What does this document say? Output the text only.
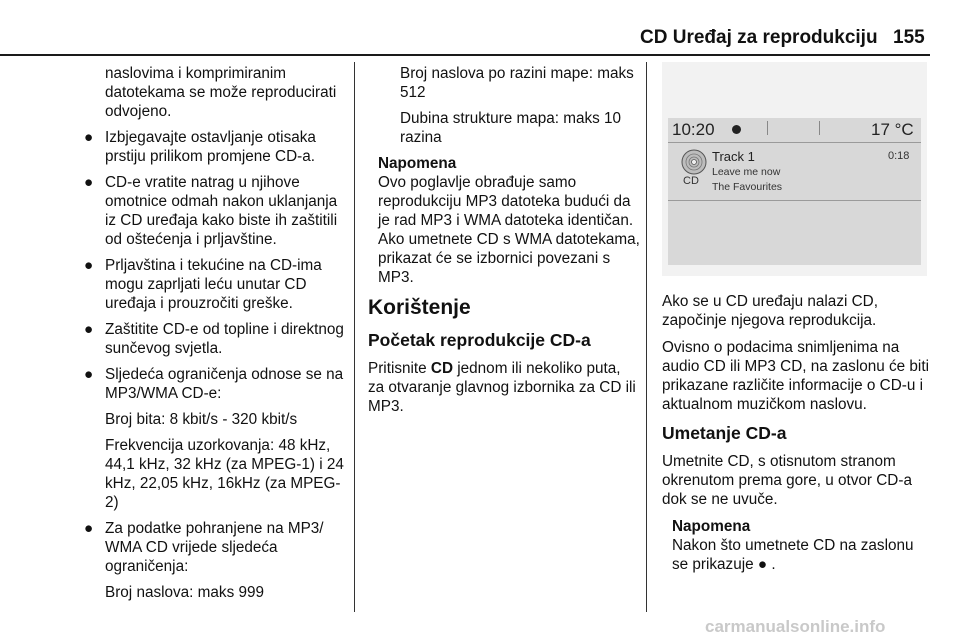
CD Uređaj za reprodukciju 155

naslovima i komprimiranim datotekama se može reproducirati odvojeno.

● Izbjegavajte ostavljanje otisaka prstiju prilikom promjene CD-a.
● CD-e vratite natrag u njihove omotnice odmah nakon uklanjanja iz CD uređaja kako biste ih zaštitili od oštećenja i prljavštine.
● Prljavština i tekućine na CD-ima mogu zaprljati leću unutar CD uređaja i prouzročiti greške.
● Zaštitite CD-e od topline i direktnog sunčevog svjetla.
● Sljedeća ograničenja odnose se na MP3/WMA CD-e:

Broj bita: 8 kbit/s - 320 kbit/s

Frekvencija uzorkovanja: 48 kHz, 44,1 kHz, 32 kHz (za MPEG-1) i 24 kHz, 22,05 kHz, 16kHz (za MPEG-2)

● Za podatke pohranjene na MP3/ WMA CD vrijede sljedeća ograničenja:

Broj naslova: maks 999

Broj naslova po razini mape: maks 512

Dubina strukture mapa: maks 10 razina

Napomena

Ovo poglavlje obrađuje samo reprodukciju MP3 datoteka budući da je rad MP3 i WMA datoteka identičan. Ako umetnete CD s WMA datotekama, prikazat će se izbornici povezani s MP3.

Korištenje

Početak reprodukcije CD-a

Pritisnite CD jednom ili nekoliko puta, za otvaranje glavnog izbornika za CD ili MP3.

10:20	17 °C
CD
Track 1	0:18
Leave me now
The Favourites

Ako se u CD uređaju nalazi CD, započinje njegova reprodukcija.

Ovisno o podacima snimljenima na audio CD ili MP3 CD, na zaslonu će biti prikazane različite informacije o CD-u i aktualnom muzičkom naslovu.

Umetanje CD-a

Umetnite CD, s otisnutom stranom okrenutom prema gore, u otvor CD-a dok se ne uvuče.

Napomena

Nakon što umetnete CD na zaslonu se prikazuje ● .

carmanualsonline.info
